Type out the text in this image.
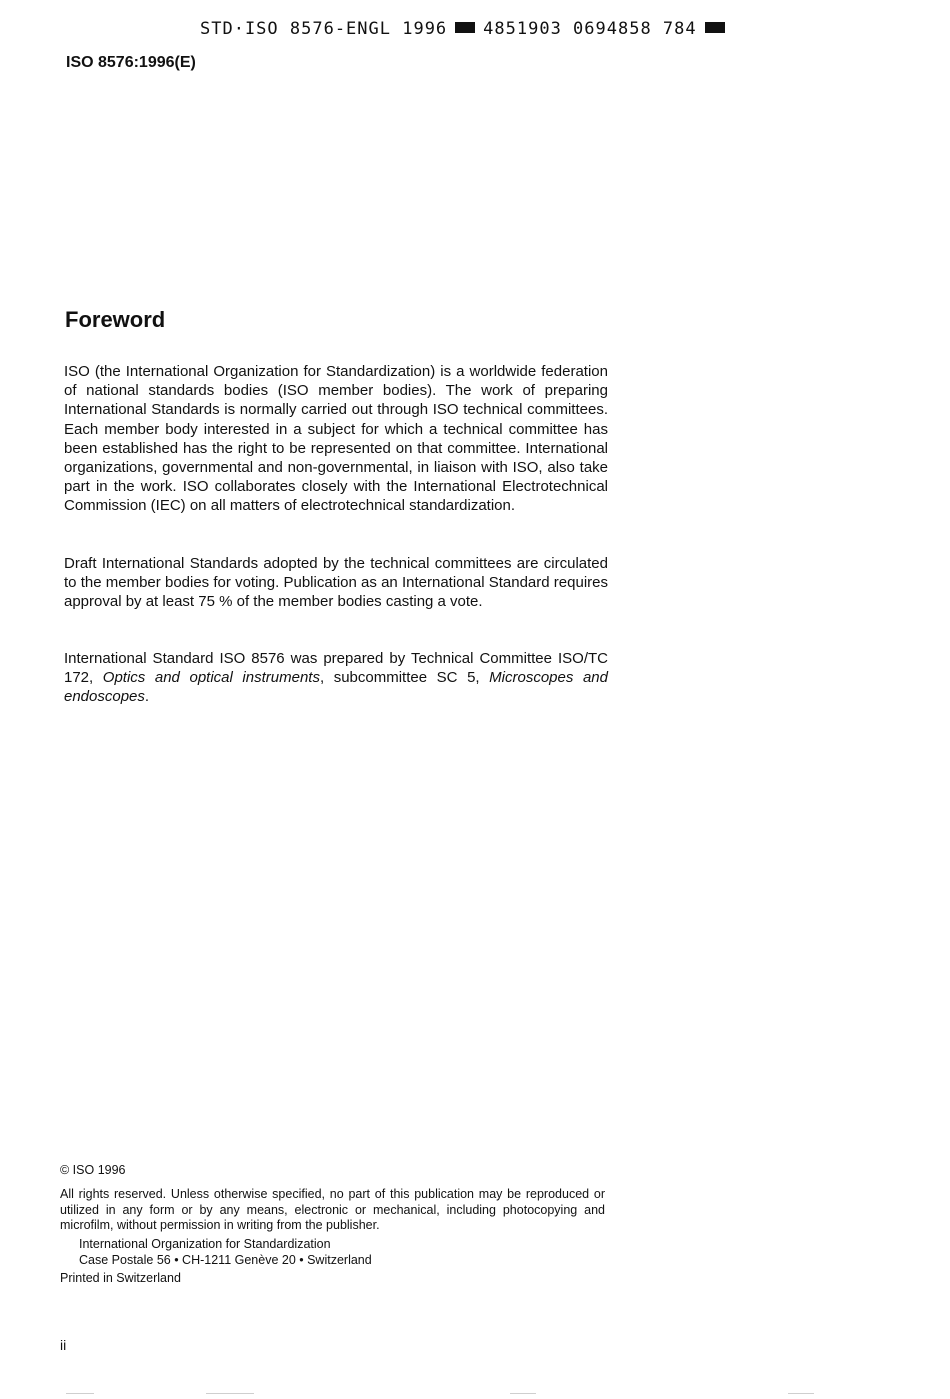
STD·ISO 8576-ENGL 1996 4851903 0694858 784
ISO 8576:1996(E)
Foreword
ISO (the International Organization for Standardization) is a worldwide federation of national standards bodies (ISO member bodies). The work of preparing International Standards is normally carried out through ISO technical committees. Each member body interested in a subject for which a technical committee has been established has the right to be represented on that committee. International organizations, governmental and non-governmental, in liaison with ISO, also take part in the work. ISO collaborates closely with the International Electrotechnical Commission (IEC) on all matters of electrotechnical standardization.
Draft International Standards adopted by the technical committees are circulated to the member bodies for voting. Publication as an International Standard requires approval by at least 75 % of the member bodies casting a vote.
International Standard ISO 8576 was prepared by Technical Committee ISO/TC 172, Optics and optical instruments, subcommittee SC 5, Microscopes and endoscopes.
© ISO 1996
All rights reserved. Unless otherwise specified, no part of this publication may be reproduced or utilized in any form or by any means, electronic or mechanical, including photocopying and microfilm, without permission in writing from the publisher.
International Organization for Standardization
Case Postale 56 • CH-1211 Genève 20 • Switzerland
Printed in Switzerland
ii
